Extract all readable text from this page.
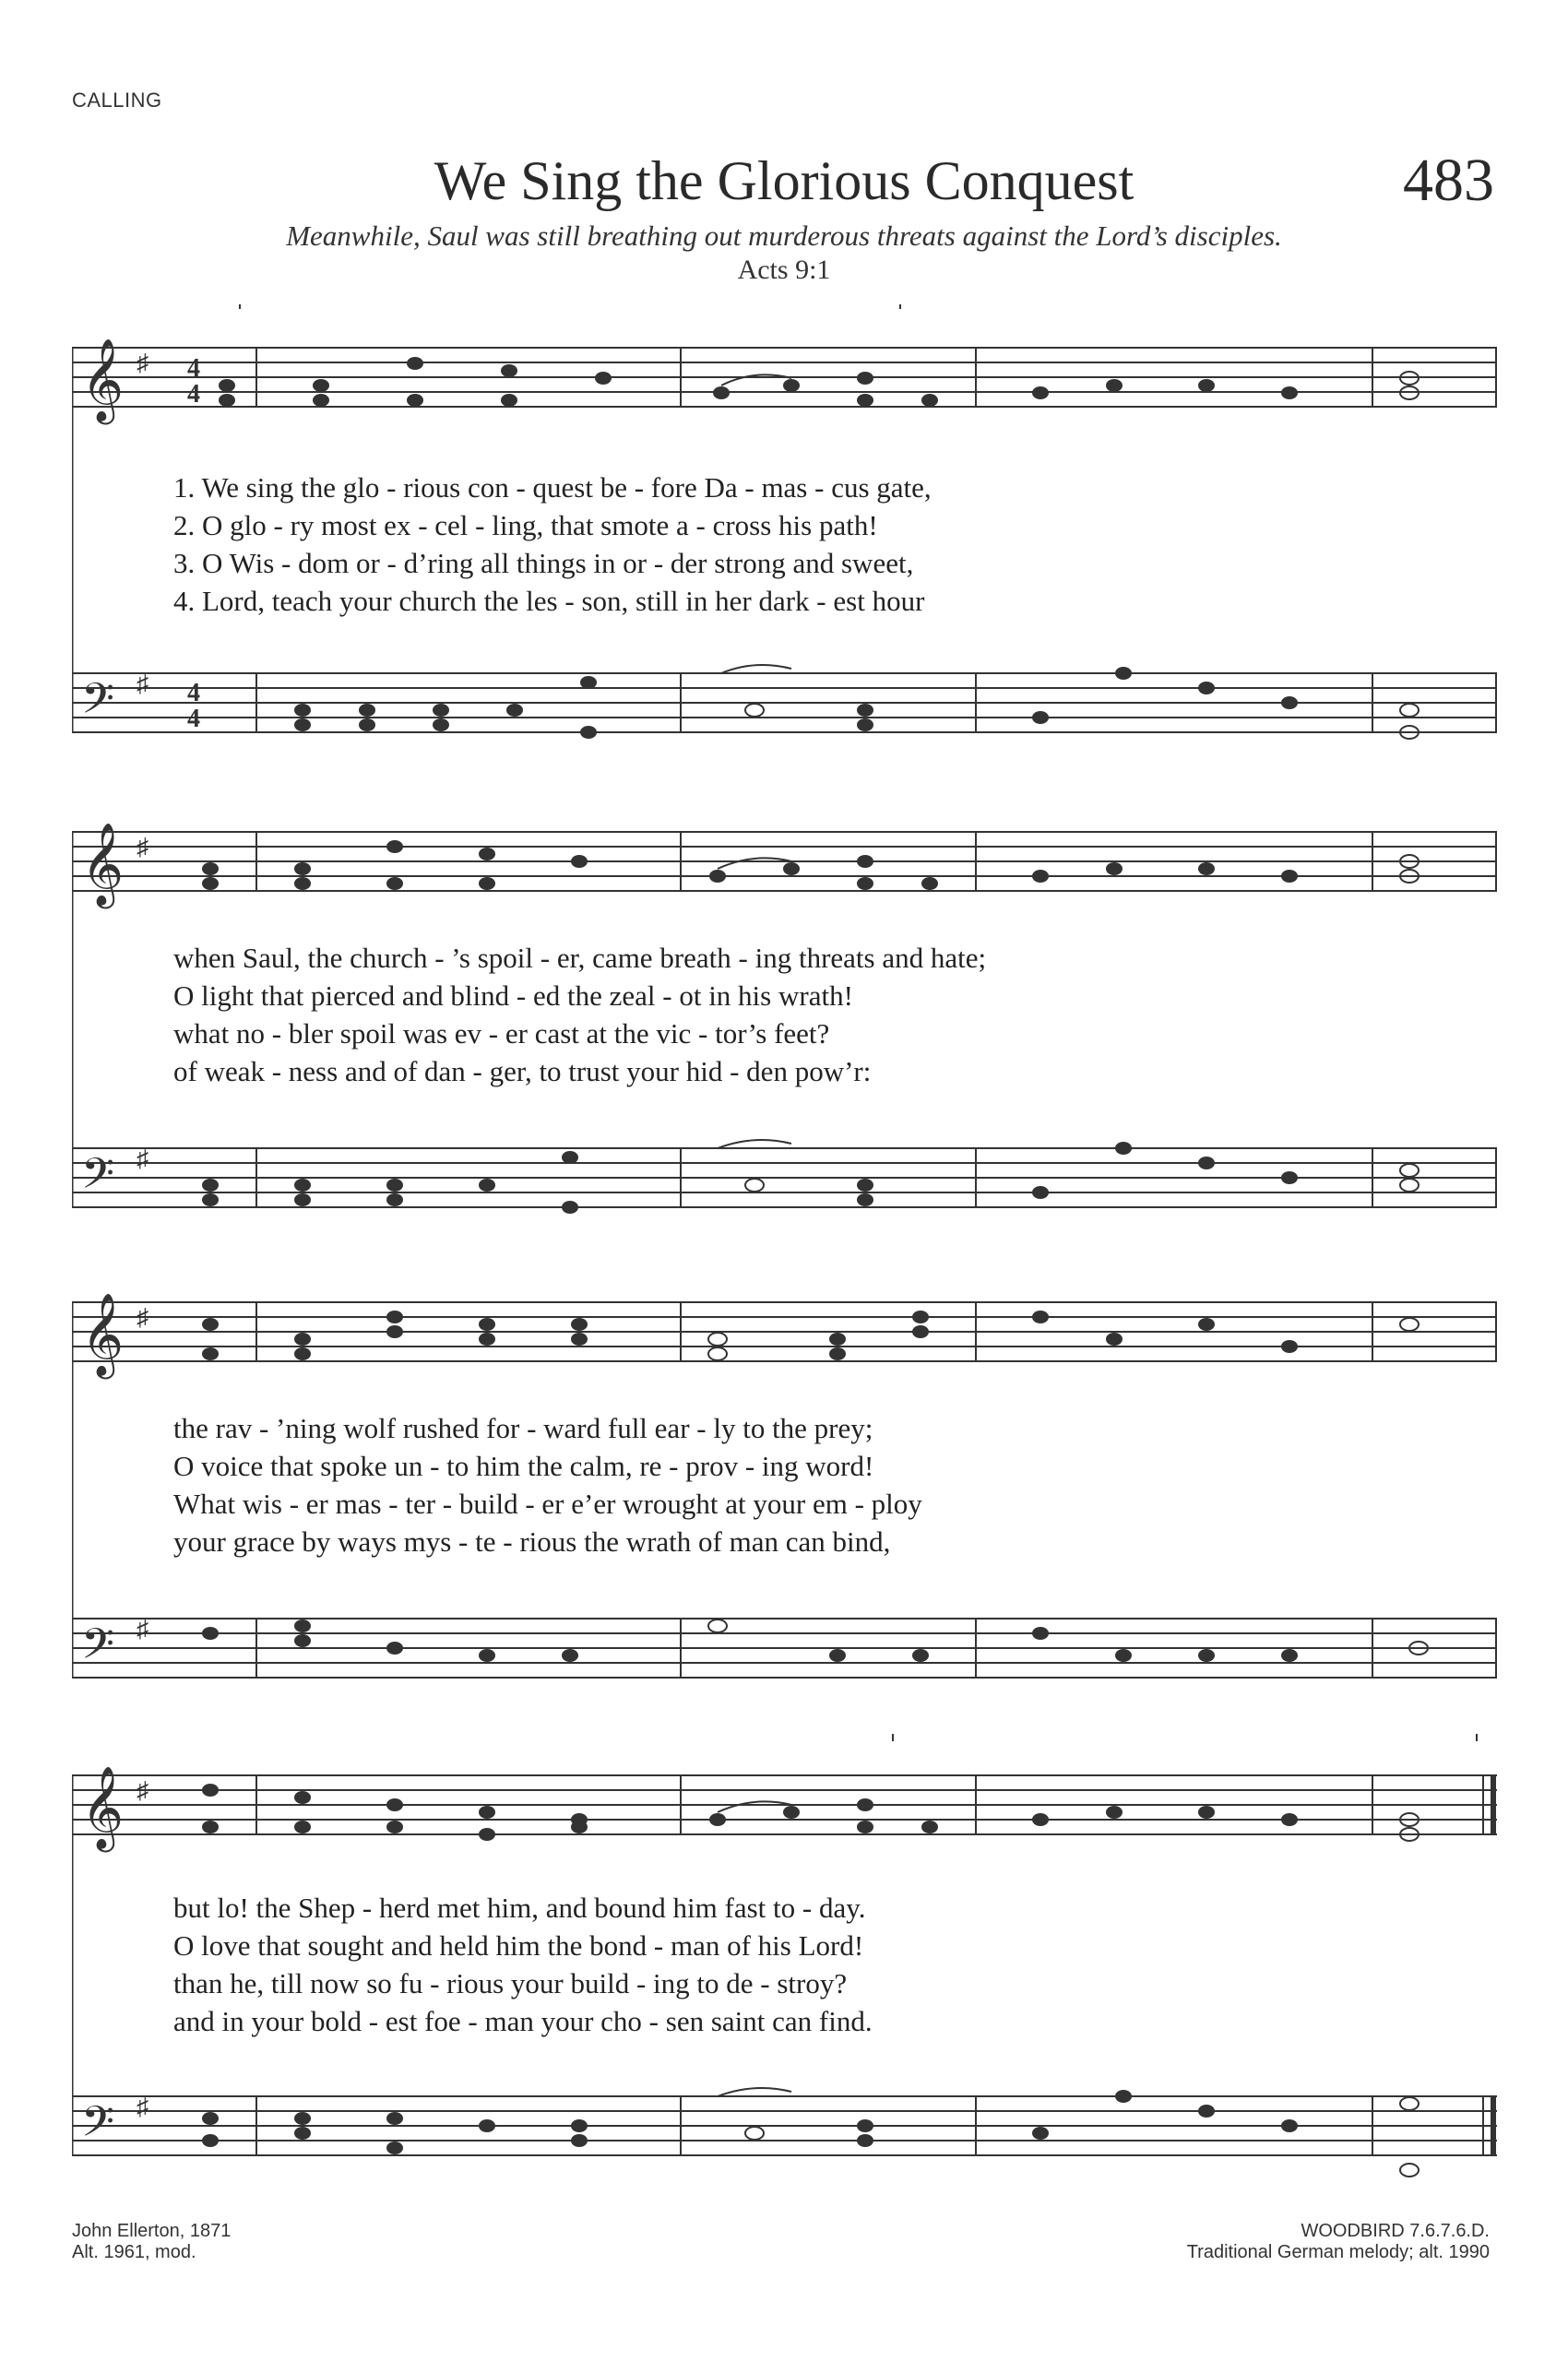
CALLING
We Sing the Glorious Conquest	483
Meanwhile, Saul was still breathing out murderous threats against the Lord’s disciples.
Acts 9:1
𝄞
𝄢
♯
♯
4
4
4
4
1. We sing the glo - rious con - quest be - fore Da - mas - cus gate,
2. O glo - ry most ex - cel - ling, that smote a - cross his path!
3. O Wis - dom or - d’ring all things in or - der strong and sweet,
4. Lord, teach your church the les - son, still in her dark - est hour
𝄞
𝄢
♯
♯
when Saul, the church - ’s spoil - er, came breath - ing threats and hate;
O light that pierced and blind - ed the zeal - ot in his wrath!
what no - bler spoil was ev - er cast at the vic - tor’s feet?
of weak - ness and of dan - ger, to trust your hid - den pow’r:
𝄞
𝄢
♯
♯
the rav - ’ning wolf rushed for - ward full ear - ly to the prey;
O voice that spoke un - to him the calm, re - prov - ing word!
What wis - er mas - ter - build - er e’er wrought at your em - ploy
your grace by ways mys - te - rious the wrath of man can bind,
𝄞
𝄢
♯
♯
but lo! the Shep - herd met him, and bound him fast to - day.
O love that sought and held him the bond - man of his Lord!
than he, till now so fu - rious your build - ing to de - stroy?
and in your bold - est foe - man your cho - sen saint can find.
John Ellerton, 1871
Alt. 1961, mod.
WOODBIRD 7.6.7.6.D.
Traditional German melody; alt. 1990
